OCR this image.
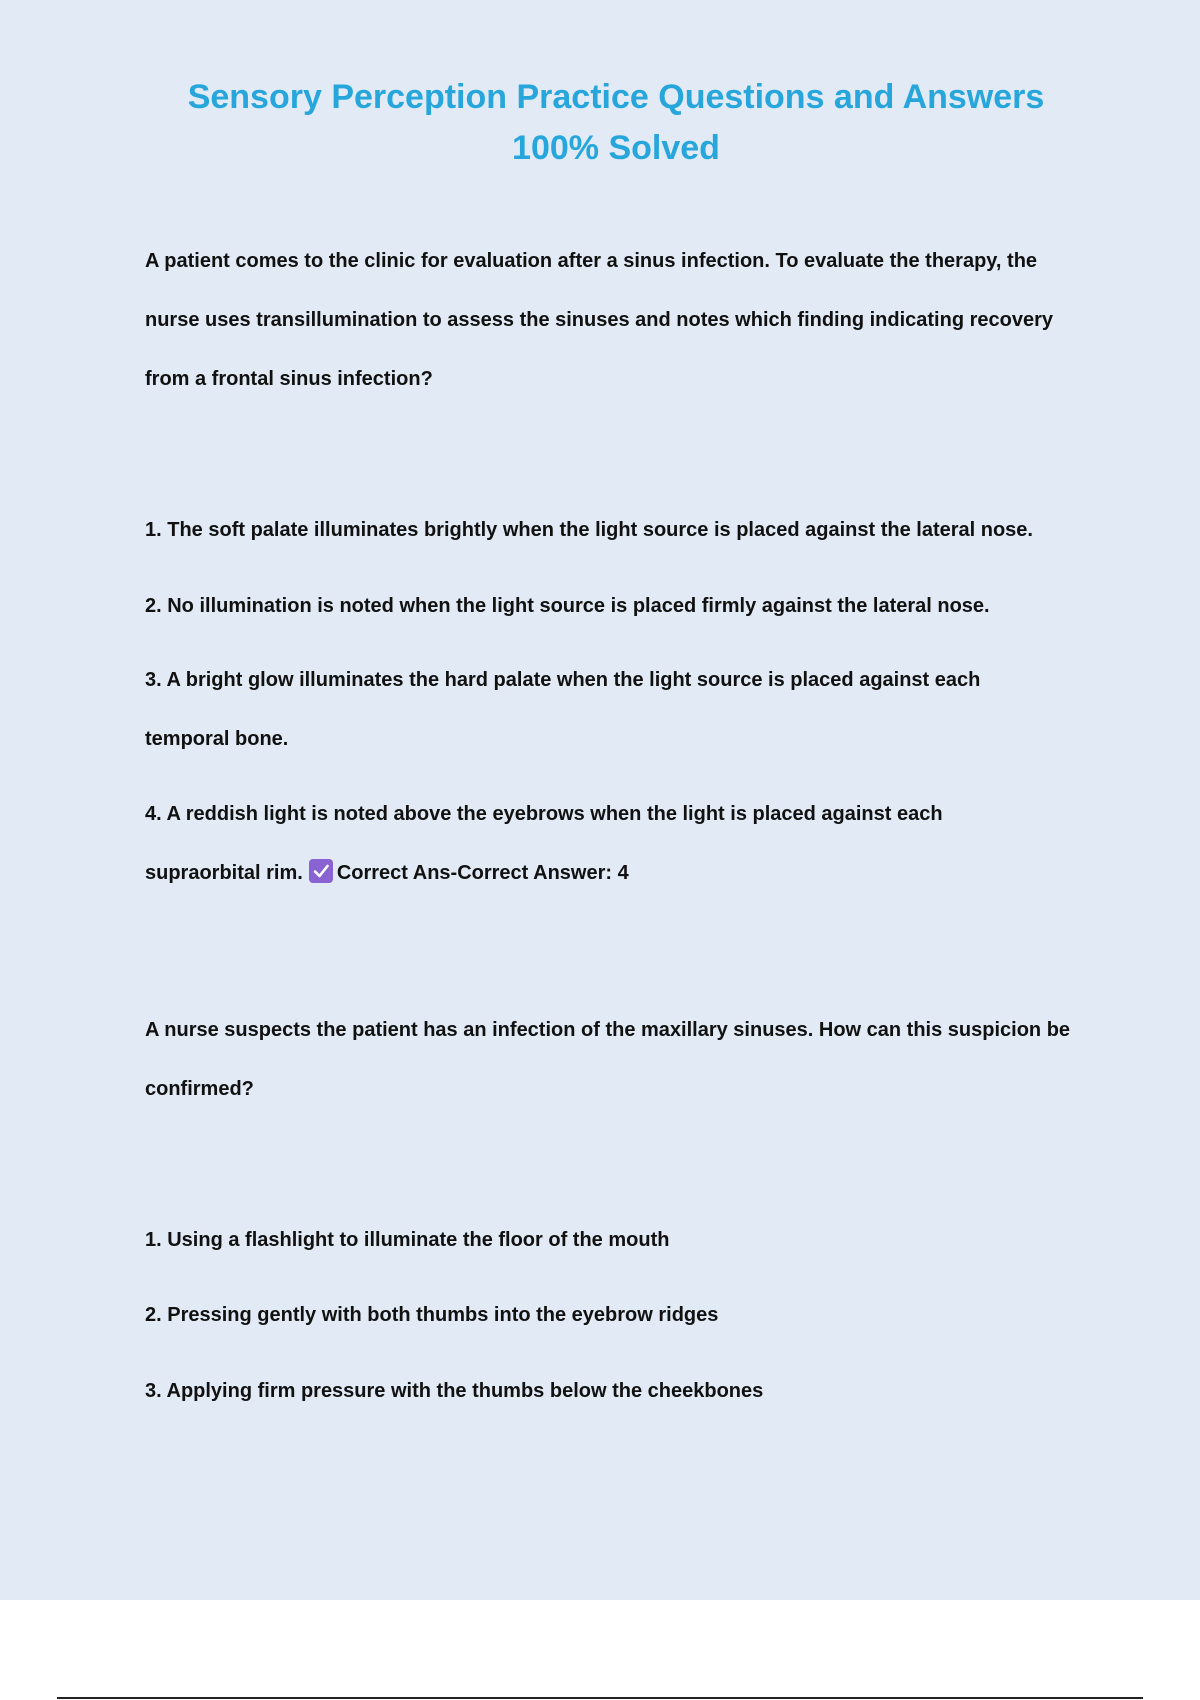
Sensory Perception Practice Questions and Answers
100% Solved
A patient comes to the clinic for evaluation after a sinus infection. To evaluate the therapy, the nurse uses transillumination to assess the sinuses and notes which finding indicating recovery from a frontal sinus infection?
1. The soft palate illuminates brightly when the light source is placed against the lateral nose.
2. No illumination is noted when the light source is placed firmly against the lateral nose.
3. A bright glow illuminates the hard palate when the light source is placed against each temporal bone.
4. A reddish light is noted above the eyebrows when the light is placed against each supraorbital rim. Correct Ans-Correct Answer: 4
A nurse suspects the patient has an infection of the maxillary sinuses. How can this suspicion be confirmed?
1. Using a flashlight to illuminate the floor of the mouth
2. Pressing gently with both thumbs into the eyebrow ridges
3. Applying firm pressure with the thumbs below the cheekbones
